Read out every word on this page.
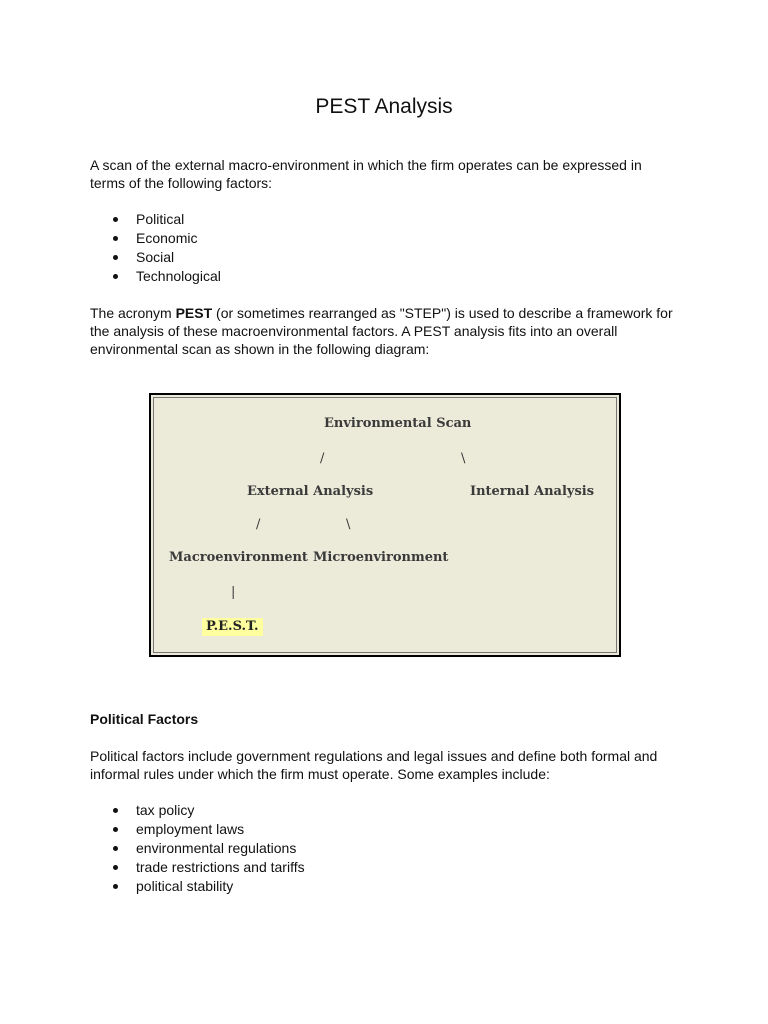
PEST Analysis

A scan of the external macro-environment in which the firm operates can be expressed in terms of the following factors:

Political
Economic
Social
Technological

The acronym PEST (or sometimes rearranged as "STEP") is used to describe a framework for the analysis of these macroenvironmental factors. A PEST analysis fits into an overall environmental scan as shown in the following diagram:

Environmental Scan
/	\
External Analysis	Internal Analysis
/	\
Macroenvironment Microenvironment
|
P.E.S.T.
Political Factors

Political factors include government regulations and legal issues and define both formal and informal rules under which the firm must operate. Some examples include:

tax policy
employment laws
environmental regulations
trade restrictions and tariffs
political stability
